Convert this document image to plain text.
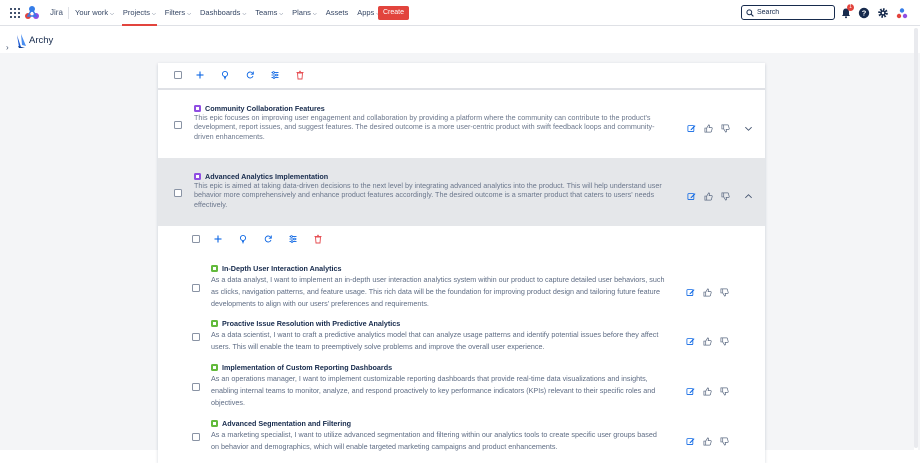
Jira Your work ⌵ Projects ⌵ Filters ⌵ Dashboards ⌵ Teams ⌵ Plans ⌵ Assets Apps	Create
Search
1
?
›
Archy
Community Collaboration Features
This epic focuses on improving user engagement and collaboration by providing a platform where the community can contribute to the product's
development, report issues, and suggest features. The desired outcome is a more user-centric product with swift feedback loops and community-
driven enhancements.
Advanced Analytics Implementation
This epic is aimed at taking data-driven decisions to the next level by integrating advanced analytics into the product. This will help understand user
behavior more comprehensively and enhance product features accordingly. The desired outcome is a smarter product that caters to users' needs
effectively.
In-Depth User Interaction Analytics
As a data analyst, I want to implement an in-depth user interaction analytics system within our product to capture detailed user behaviors, such
as clicks, navigation patterns, and feature usage. This rich data will be the foundation for improving product design and tailoring future feature
developments to align with our users' preferences and requirements.
Proactive Issue Resolution with Predictive Analytics
As a data scientist, I want to craft a predictive analytics model that can analyze usage patterns and identify potential issues before they affect
users. This will enable the team to preemptively solve problems and improve the overall user experience.
Implementation of Custom Reporting Dashboards
As an operations manager, I want to implement customizable reporting dashboards that provide real-time data visualizations and insights,
enabling internal teams to monitor, analyze, and respond proactively to key performance indicators (KPIs) relevant to their specific roles and
objectives.
Advanced Segmentation and Filtering
As a marketing specialist, I want to utilize advanced segmentation and filtering within our analytics tools to create specific user groups based
on behavior and demographics, which will enable targeted marketing campaigns and product enhancements.
